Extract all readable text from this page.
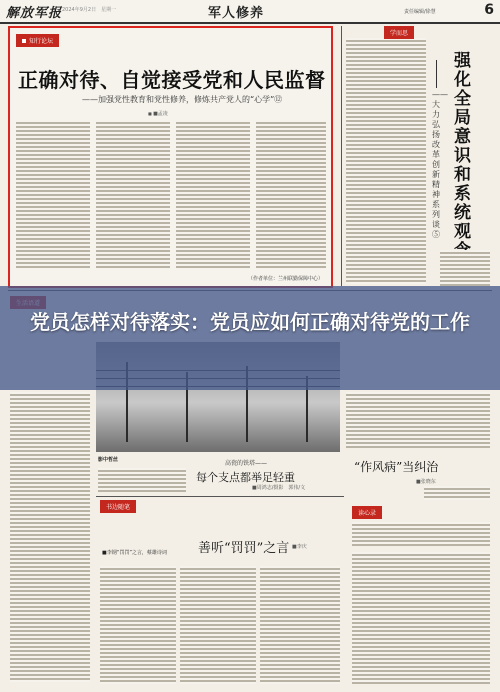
解放军报 2024年9月2日　星期一	军人修养	责任编辑/徐慧	6
知行论坛
正确对待、自觉接受党和人民监督
——加强党性教育和党性修养，修炼共产党人的“心学”⑫
■ ■孟凌
（作者单位：兰州联勤保障中心）
学而思
强化全局意识和系统观
——大力弘扬改革创新精神系列谈⑤
影中哲丝	高瓷的铁塔——
每个支点都举足轻重
■周鸿志/摄影　郭伟/文
“作风病”当纠治
■张晓东
读心录
书边随笔
善听“罚罚”之言 ■李庆
■李钢“罚罚”之言，蔡雄诗词
党员怎样对待落实：党员应如何正确对待党的工作
